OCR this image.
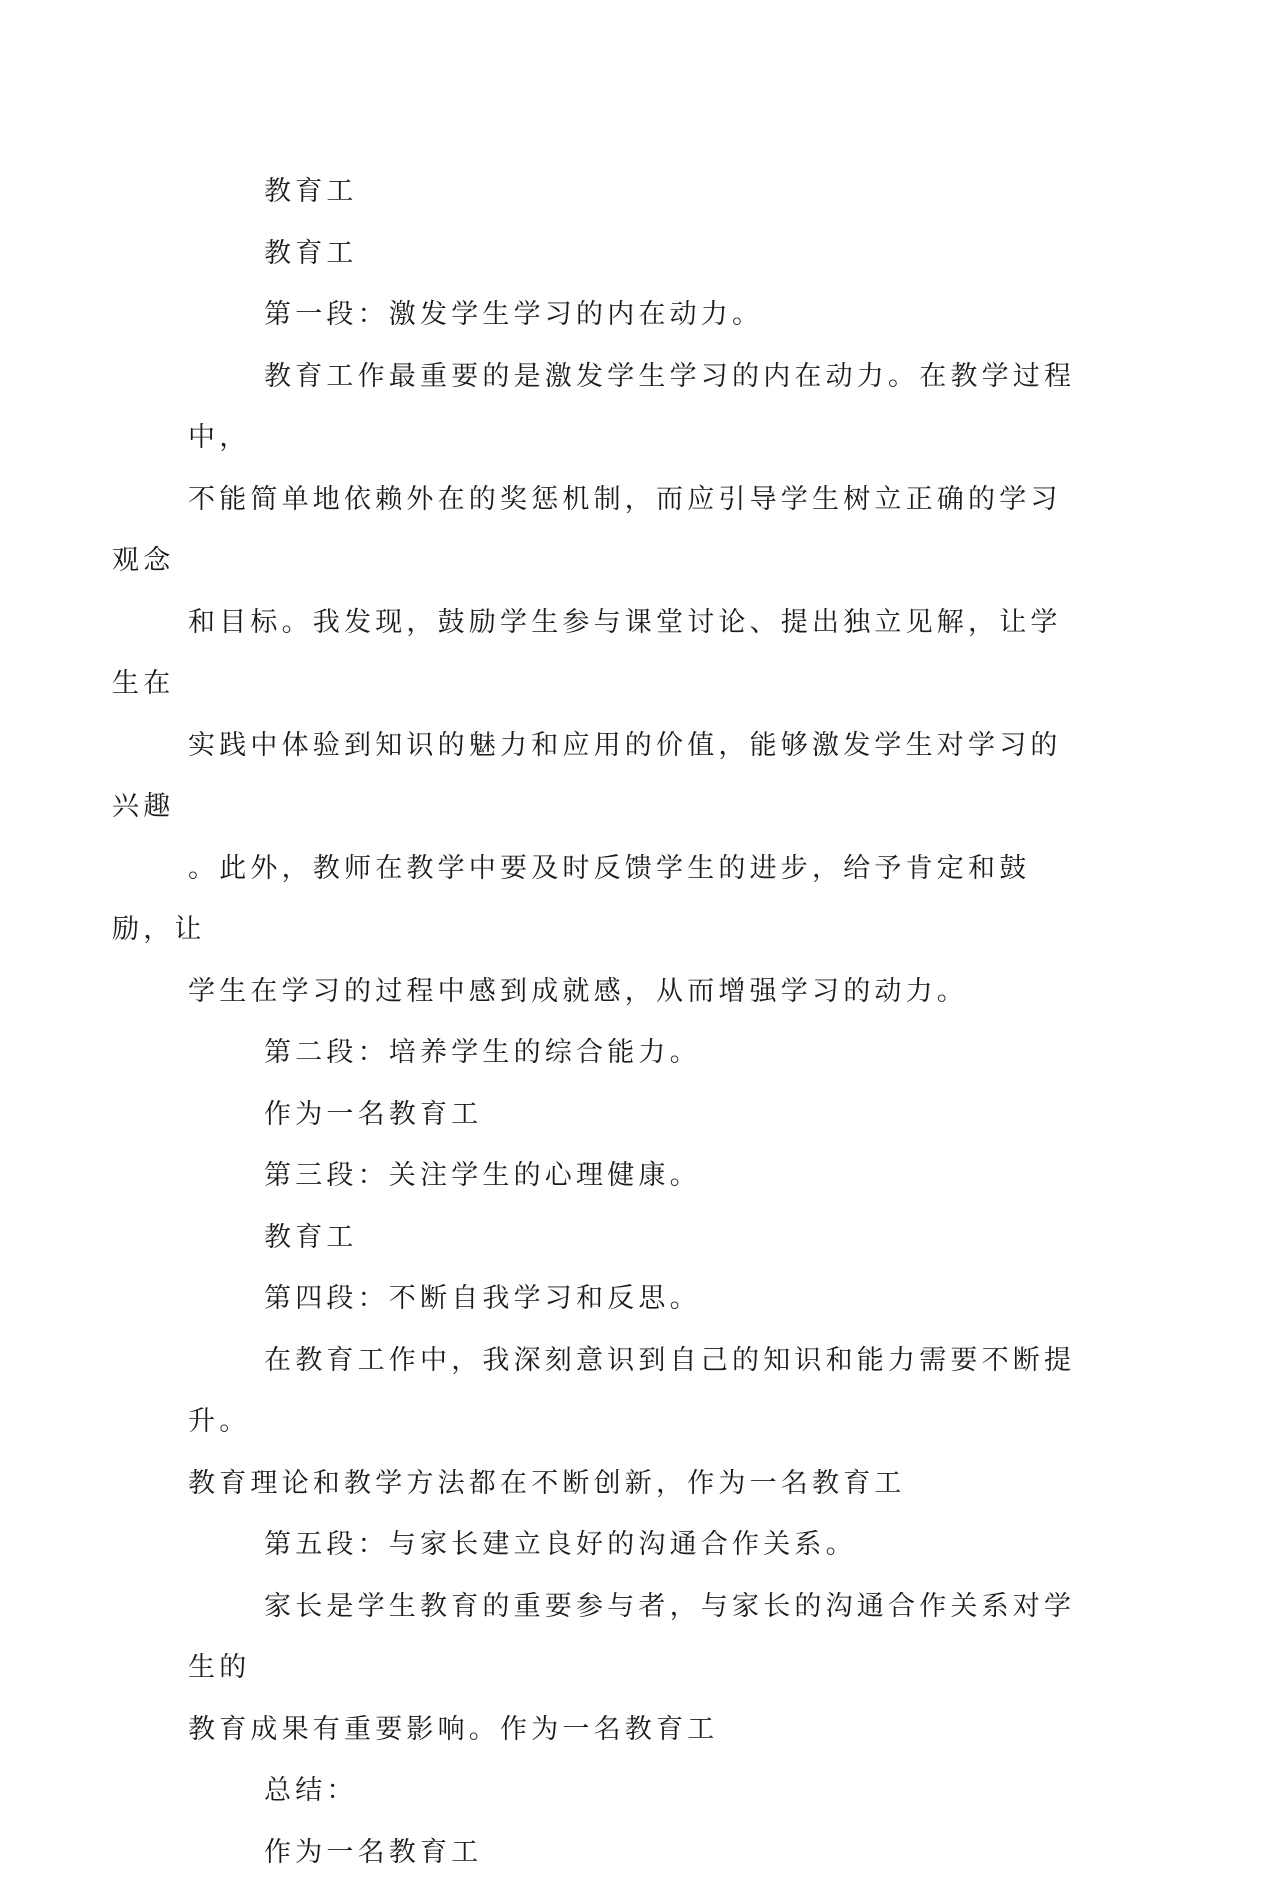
教育工

教育工

第一段：激发学生学习的内在动力。

教育工作最重要的是激发学生学习的内在动力。在教学过程中，
不能简单地依赖外在的奖惩机制，而应引导学生树立正确的学习观念
和目标。我发现，鼓励学生参与课堂讨论、提出独立见解，让学生在
实践中体验到知识的魅力和应用的价值，能够激发学生对学习的兴趣
。此外，教师在教学中要及时反馈学生的进步，给予肯定和鼓励，让
学生在学习的过程中感到成就感，从而增强学习的动力。

第二段：培养学生的综合能力。

作为一名教育工

第三段：关注学生的心理健康。

教育工

第四段：不断自我学习和反思。

在教育工作中，我深刻意识到自己的知识和能力需要不断提升。
教育理论和教学方法都在不断创新，作为一名教育工

第五段：与家长建立良好的沟通合作关系。

家长是学生教育的重要参与者，与家长的沟通合作关系对学生的
教育成果有重要影响。作为一名教育工

总结：

作为一名教育工
